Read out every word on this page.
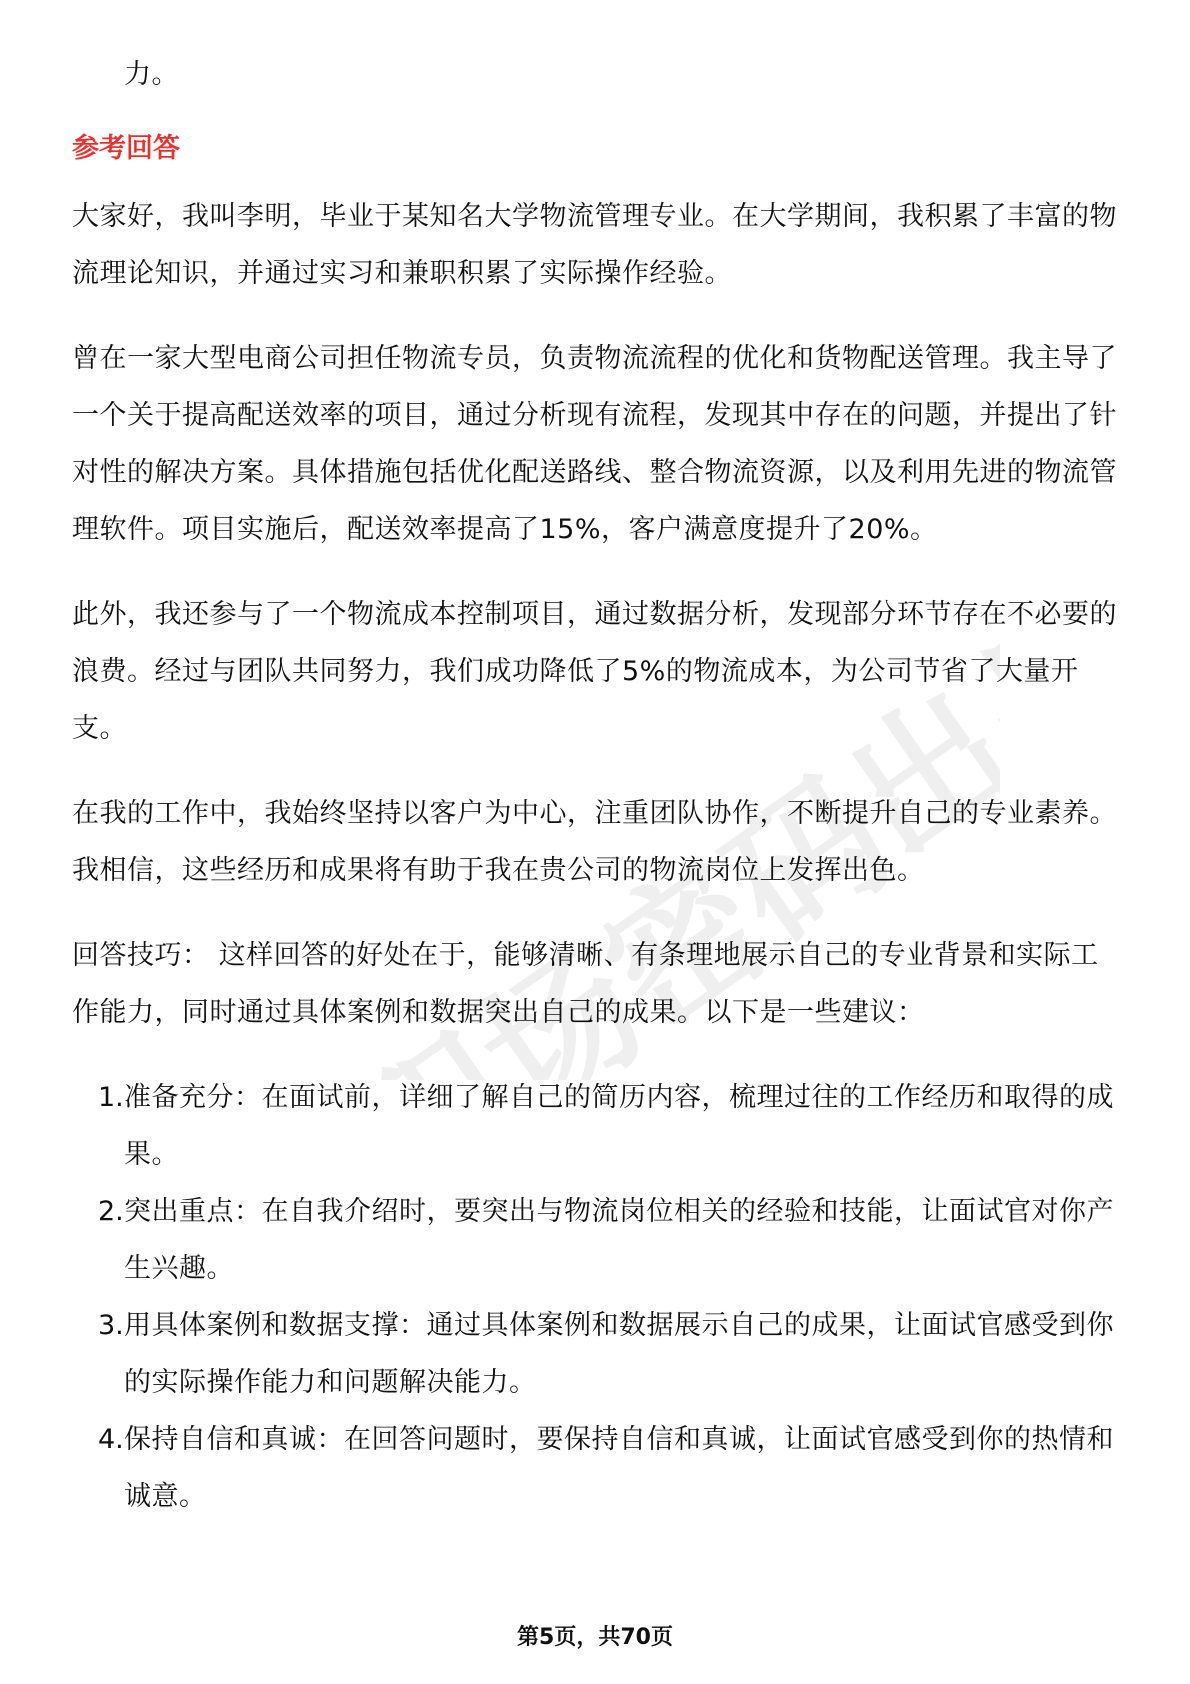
职场密码出品

力。

参考回答

大家好，我叫李明，毕业于某知名大学物流管理专业。在大学期间，我积累了丰富的物流理论知识，并通过实习和兼职积累了实际操作经验。

曾在一家大型电商公司担任物流专员，负责物流流程的优化和货物配送管理。我主导了一个关于提高配送效率的项目，通过分析现有流程，发现其中存在的问题，并提出了针对性的解决方案。具体措施包括优化配送路线、整合物流资源，以及利用先进的物流管理软件。项目实施后，配送效率提高了15%，客户满意度提升了20%。

此外，我还参与了一个物流成本控制项目，通过数据分析，发现部分环节存在不必要的浪费。经过与团队共同努力，我们成功降低了5%的物流成本，为公司节省了大量开支。

在我的工作中，我始终坚持以客户为中心，注重团队协作，不断提升自己的专业素养。我相信，这些经历和成果将有助于我在贵公司的物流岗位上发挥出色。

回答技巧： 这样回答的好处在于，能够清晰、有条理地展示自己的专业背景和实际工作能力，同时通过具体案例和数据突出自己的成果。以下是一些建议：

1. 准备充分：在面试前，详细了解自己的简历内容，梳理过往的工作经历和取得的成果。
2. 突出重点：在自我介绍时，要突出与物流岗位相关的经验和技能，让面试官对你产生兴趣。
3. 用具体案例和数据支撑：通过具体案例和数据展示自己的成果，让面试官感受到你的实际操作能力和问题解决能力。
4. 保持自信和真诚：在回答问题时，要保持自信和真诚，让面试官感受到你的热情和诚意。
第5页，共70页
